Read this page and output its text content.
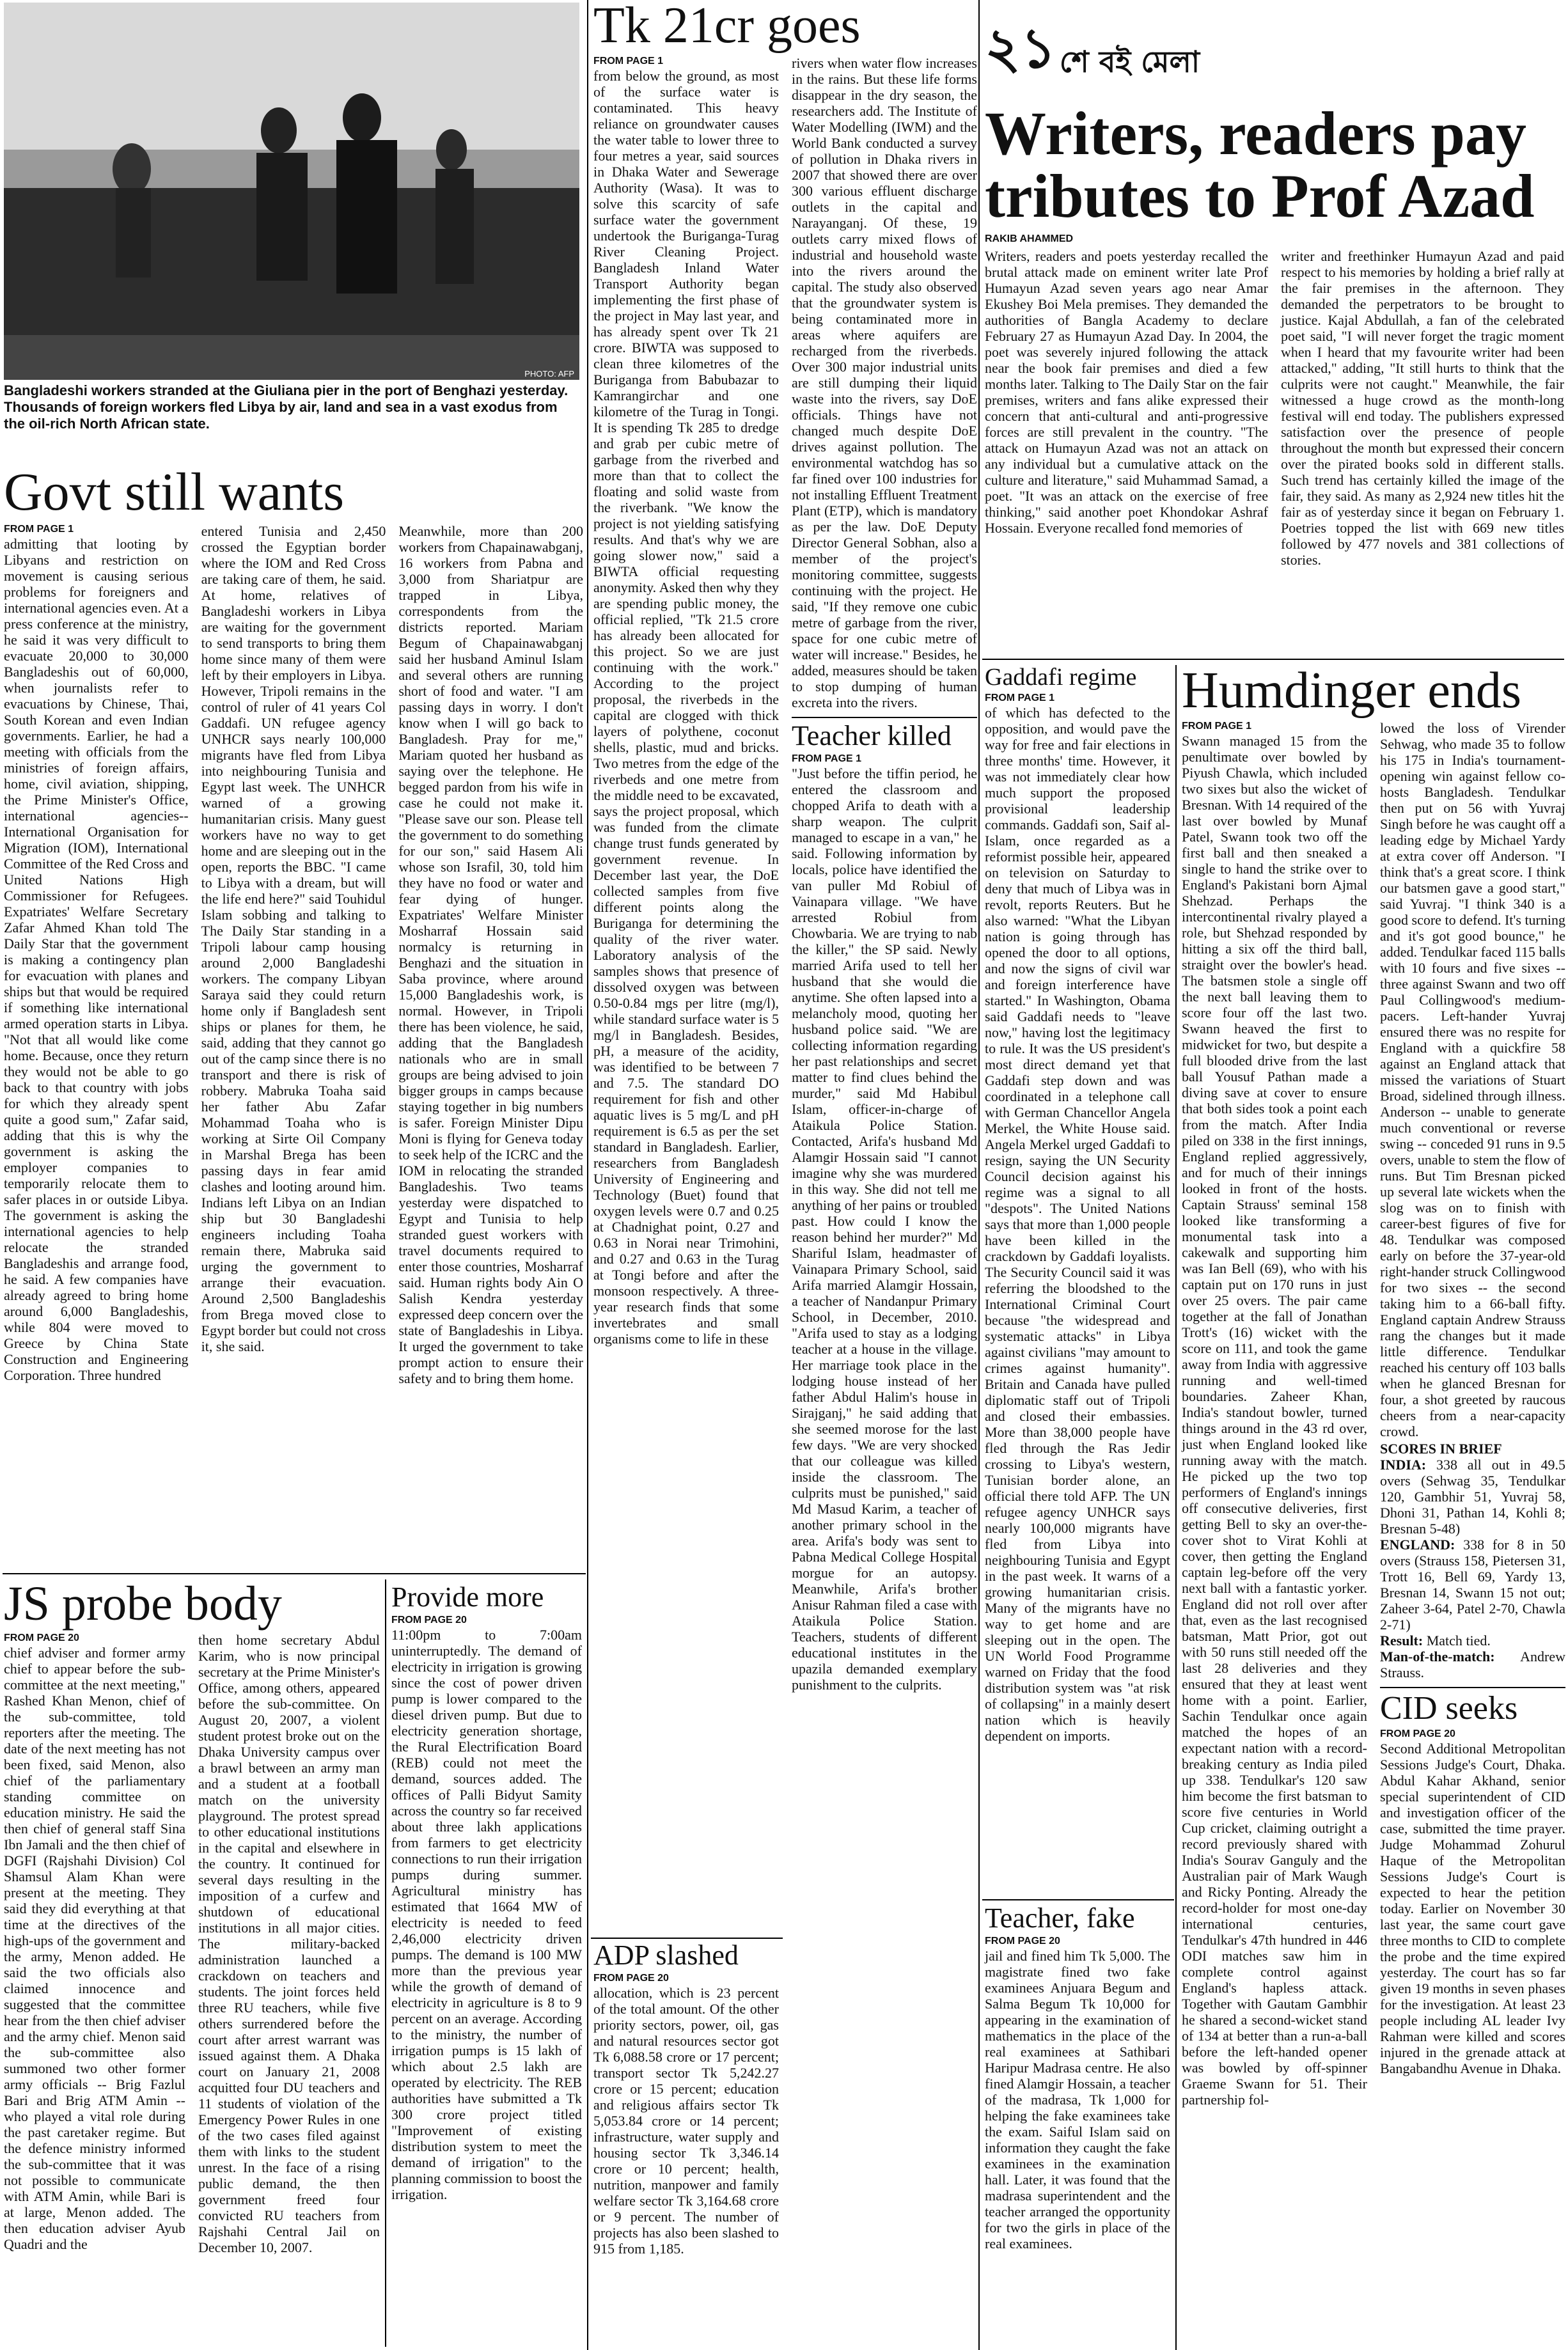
PHOTO: AFP
Bangladeshi workers stranded at the Giuliana pier in the port of Benghazi yesterday. Thousands of foreign workers fled Libya by air, land and sea in a vast exodus from the oil-rich North African state.
Govt still wants
FROM PAGE 1
admitting that looting by Libyans and restriction on movement is causing serious problems for foreigners and international agencies even. At a press conference at the ministry, he said it was very difficult to evacuate 20,000 to 30,000 Bangladeshis out of 60,000, when journalists refer to evacuations by Chinese, Thai, South Korean and even Indian governments. Earlier, he had a meeting with officials from the ministries of foreign affairs, home, civil aviation, shipping, the Prime Minister's Office, international agencies--International Organisation for Migration (IOM), International Committee of the Red Cross and United Nations High Commissioner for Refugees. Expatriates' Welfare Secretary Zafar Ahmed Khan told The Daily Star that the government is making a contingency plan for evacuation with planes and ships but that would be required if something like international armed operation starts in Libya. "Not that all would like come home. Because, once they return they would not be able to go back to that country with jobs for which they already spent quite a good sum," Zafar said, adding that this is why the government is asking the employer companies to temporarily relocate them to safer places in or outside Libya. The government is asking the international agencies to help relocate the stranded Bangladeshis and arrange food, he said. A few companies have already agreed to bring home around 6,000 Bangladeshis, while 804 were moved to Greece by China State Construction and Engineering Corporation. Three hundred
entered Tunisia and 2,450 crossed the Egyptian border where the IOM and Red Cross are taking care of them, he said. At home, relatives of Bangladeshi workers in Libya are waiting for the government to send transports to bring them home since many of them were left by their employers in Libya. However, Tripoli remains in the control of ruler of 41 years Col Gaddafi. UN refugee agency UNHCR says nearly 100,000 migrants have fled from Libya into neighbouring Tunisia and Egypt last week. The UNHCR warned of a growing humanitarian crisis. Many guest workers have no way to get home and are sleeping out in the open, reports the BBC. "I came to Libya with a dream, but will the life end here?" said Touhidul Islam sobbing and talking to The Daily Star standing in a Tripoli labour camp housing around 2,000 Bangladeshi workers. The company Libyan Saraya said they could return home only if Bangladesh sent ships or planes for them, he said, adding that they cannot go out of the camp since there is no transport and there is risk of robbery. Mabruka Toaha said her father Abu Zafar Mohammad Toaha who is working at Sirte Oil Company in Marshal Brega has been passing days in fear amid clashes and looting around him. Indians left Libya on an Indian ship but 30 Bangladeshi engineers including Toaha remain there, Mabruka said urging the government to arrange their evacuation. Around 2,500 Bangladeshis from Brega moved close to Egypt border but could not cross it, she said.
Meanwhile, more than 200 workers from Chapainawabganj, 16 workers from Pabna and 3,000 from Shariatpur are trapped in Libya, correspondents from the districts reported. Mariam Begum of Chapainawabganj said her husband Aminul Islam and several others are running short of food and water. "I am passing days in worry. I don't know when I will go back to Bangladesh. Pray for me," Mariam quoted her husband as saying over the telephone. He begged pardon from his wife in case he could not make it. "Please save our son. Please tell the government to do something for our son," said Hasem Ali whose son Israfil, 30, told him they have no food or water and fear dying of hunger. Expatriates' Welfare Minister Mosharraf Hossain said normalcy is returning in Benghazi and the situation in Saba province, where around 15,000 Bangladeshis work, is normal. However, in Tripoli there has been violence, he said, adding that the Bangladesh nationals who are in small groups are being advised to join bigger groups in camps because staying together in big numbers is safer. Foreign Minister Dipu Moni is flying for Geneva today to seek help of the ICRC and the IOM in relocating the stranded Bangladeshis. Two teams yesterday were dispatched to Egypt and Tunisia to help stranded guest workers with travel documents required to enter those countries, Mosharraf said. Human rights body Ain O Salish Kendra yesterday expressed deep concern over the state of Bangladeshis in Libya. It urged the government to take prompt action to ensure their safety and to bring them home.
JS probe body
FROM PAGE 20
chief adviser and former army chief to appear before the sub-committee at the next meeting," Rashed Khan Menon, chief of the sub-committee, told reporters after the meeting. The date of the next meeting has not been fixed, said Menon, also chief of the parliamentary standing committee on education ministry. He said the then chief of general staff Sina Ibn Jamali and the then chief of DGFI (Rajshahi Division) Col Shamsul Alam Khan were present at the meeting. They said they did everything at that time at the directives of the high-ups of the government and the army, Menon added. He said the two officials also claimed innocence and suggested that the committee hear from the then chief adviser and the army chief. Menon said the sub-committee also summoned two other former army officials -- Brig Fazlul Bari and Brig ATM Amin -- who played a vital role during the past caretaker regime. But the defence ministry informed the sub-committee that it was not possible to communicate with ATM Amin, while Bari is at large, Menon added. The then education adviser Ayub Quadri and the
then home secretary Abdul Karim, who is now principal secretary at the Prime Minister's Office, among others, appeared before the sub-committee. On August 20, 2007, a violent student protest broke out on the Dhaka University campus over a brawl between an army man and a student at a football match on the university playground. The protest spread to other educational institutions in the capital and elsewhere in the country. It continued for several days resulting in the imposition of a curfew and shutdown of educational institutions in all major cities. The military-backed administration launched a crackdown on teachers and students. The joint forces held three RU teachers, while five others surrendered before the court after arrest warrant was issued against them. A Dhaka court on January 21, 2008 acquitted four DU teachers and 11 students of violation of the Emergency Power Rules in one of the two cases filed against them with links to the student unrest. In the face of a rising public demand, the then government freed four convicted RU teachers from Rajshahi Central Jail on December 10, 2007.
Provide more
FROM PAGE 20
11:00pm to 7:00am uninterruptedly. The demand of electricity in irrigation is growing since the cost of power driven pump is lower compared to the diesel driven pump. But due to electricity generation shortage, the Rural Electrification Board (REB) could not meet the demand, sources added. The offices of Palli Bidyut Samity across the country so far received about three lakh applications from farmers to get electricity connections to run their irrigation pumps during summer. Agricultural ministry has estimated that 1664 MW of electricity is needed to feed 2,46,000 electricity driven pumps. The demand is 100 MW more than the previous year while the growth of demand of electricity in agriculture is 8 to 9 percent on an average. According to the ministry, the number of irrigation pumps is 15 lakh of which about 2.5 lakh are operated by electricity. The REB authorities have submitted a Tk 300 crore project titled "Improvement of existing distribution system to meet the demand of irrigation" to the planning commission to boost the irrigation.
Tk 21cr goes
FROM PAGE 1
from below the ground, as most of the surface water is contaminated. This heavy reliance on groundwater causes the water table to lower three to four metres a year, said sources in Dhaka Water and Sewerage Authority (Wasa). It was to solve this scarcity of safe surface water the government undertook the Buriganga-Turag River Cleaning Project. Bangladesh Inland Water Transport Authority began implementing the first phase of the project in May last year, and has already spent over Tk 21 crore. BIWTA was supposed to clean three kilometres of the Buriganga from Babubazar to Kamrangirchar and one kilometre of the Turag in Tongi. It is spending Tk 285 to dredge and grab per cubic metre of garbage from the riverbed and more than that to collect the floating and solid waste from the riverbank. "We know the project is not yielding satisfying results. And that's why we are going slower now," said a BIWTA official requesting anonymity. Asked then why they are spending public money, the official replied, "Tk 21.5 crore has already been allocated for this project. So we are just continuing with the work." According to the project proposal, the riverbeds in the capital are clogged with thick layers of polythene, coconut shells, plastic, mud and bricks. Two metres from the edge of the riverbeds and one metre from the middle need to be excavated, says the project proposal, which was funded from the climate change trust funds generated by government revenue. In December last year, the DoE collected samples from five different points along the Buriganga for determining the quality of the river water. Laboratory analysis of the samples shows that presence of dissolved oxygen was between 0.50-0.84 mgs per litre (mg/l), while standard surface water is 5 mg/l in Bangladesh. Besides, pH, a measure of the acidity, was identified to be between 7 and 7.5. The standard DO requirement for fish and other aquatic lives is 5 mg/L and pH requirement is 6.5 as per the set standard in Bangladesh. Earlier, researchers from Bangladesh University of Engineering and Technology (Buet) found that oxygen levels were 0.7 and 0.25 at Chadnighat point, 0.27 and 0.63 in Norai near Trimohini, and 0.27 and 0.63 in the Turag at Tongi before and after the monsoon respectively. A three-year research finds that some invertebrates and small organisms come to life in these
rivers when water flow increases in the rains. But these life forms disappear in the dry season, the researchers add. The Institute of Water Modelling (IWM) and the World Bank conducted a survey of pollution in Dhaka rivers in 2007 that showed there are over 300 various effluent discharge outlets in the capital and Narayanganj. Of these, 19 outlets carry mixed flows of industrial and household waste into the rivers around the capital. The study also observed that the groundwater system is being contaminated more in areas where aquifers are recharged from the riverbeds. Over 300 major industrial units are still dumping their liquid waste into the rivers, say DoE officials. Things have not changed much despite DoE drives against pollution. The environmental watchdog has so far fined over 100 industries for not installing Effluent Treatment Plant (ETP), which is mandatory as per the law. DoE Deputy Director General Sobhan, also a member of the project's monitoring committee, suggests continuing with the project. He said, "If they remove one cubic metre of garbage from the river, space for one cubic metre of water will increase." Besides, he added, measures should be taken to stop dumping of human excreta into the rivers.
Teacher killed
FROM PAGE 1
"Just before the tiffin period, he entered the classroom and chopped Arifa to death with a sharp weapon. The culprit managed to escape in a van," he said. Following information by locals, police have identified the van puller Md Robiul of Vainapara village. "We have arrested Robiul from Chowbaria. We are trying to nab the killer," the SP said. Newly married Arifa used to tell her husband that she would die anytime. She often lapsed into a melancholy mood, quoting her husband police said. "We are collecting information regarding her past relationships and secret matter to find clues behind the murder," said Md Habibul Islam, officer-in-charge of Ataikula Police Station. Contacted, Arifa's husband Md Alamgir Hossain said "I cannot imagine why she was murdered in this way. She did not tell me anything of her pains or troubled past. How could I know the reason behind her murder?" Md Shariful Islam, headmaster of Vainapara Primary School, said Arifa married Alamgir Hossain, a teacher of Nandanpur Primary School, in December, 2010. "Arifa used to stay as a lodging teacher at a house in the village. Her marriage took place in the lodging house instead of her father Abdul Halim's house in Sirajganj," he said adding that she seemed morose for the last few days. "We are very shocked that our colleague was killed inside the classroom. The culprits must be punished," said Md Masud Karim, a teacher of another primary school in the area. Arifa's body was sent to Pabna Medical College Hospital morgue for an autopsy. Meanwhile, Arifa's brother Anisur Rahman filed a case with Ataikula Police Station. Teachers, students of different educational institutes in the upazila demanded exemplary punishment to the culprits.
ADP slashed
FROM PAGE 20
allocation, which is 23 percent of the total amount. Of the other priority sectors, power, oil, gas and natural resources sector got Tk 6,088.58 crore or 17 percent; transport sector Tk 5,242.27 crore or 15 percent; education and religious affairs sector Tk 5,053.84 crore or 14 percent; infrastructure, water supply and housing sector Tk 3,346.14 crore or 10 percent; health, nutrition, manpower and family welfare sector Tk 3,164.68 crore or 9 percent. The number of projects has also been slashed to 915 from 1,185.
২১ শে বই মেলা
Writers, readers pay tributes to Prof Azad
RAKIB AHAMMED
Writers, readers and poets yesterday recalled the brutal attack made on eminent writer late Prof Humayun Azad seven years ago near Amar Ekushey Boi Mela premises. They demanded the authorities of Bangla Academy to declare February 27 as Humayun Azad Day. In 2004, the poet was severely injured following the attack near the book fair premises and died a few months later. Talking to The Daily Star on the fair premises, writers and fans alike expressed their concern that anti-cultural and anti-progressive forces are still prevalent in the country. "The attack on Humayun Azad was not an attack on any individual but a cumulative attack on the culture and literature," said Muhammad Samad, a poet. "It was an attack on the exercise of free thinking," said another poet Khondokar Ashraf Hossain. Everyone recalled fond memories of
writer and freethinker Humayun Azad and paid respect to his memories by holding a brief rally at the fair premises in the afternoon. They demanded the perpetrators to be brought to justice. Kajal Abdullah, a fan of the celebrated poet said, "I will never forget the tragic moment when I heard that my favourite writer had been attacked," adding, "It still hurts to think that the culprits were not caught." Meanwhile, the fair witnessed a huge crowd as the month-long festival will end today. The publishers expressed satisfaction over the presence of people throughout the month but expressed their concern over the pirated books sold in different stalls. Such trend has certainly killed the image of the fair, they said. As many as 2,924 new titles hit the fair as of yesterday since it began on February 1. Poetries topped the list with 669 new titles followed by 477 novels and 381 collections of stories.
Gaddafi regime
FROM PAGE 1
of which has defected to the opposition, and would pave the way for free and fair elections in three months' time. However, it was not immediately clear how much support the proposed provisional leadership commands. Gaddafi son, Saif al-Islam, once regarded as a reformist possible heir, appeared on television on Saturday to deny that much of Libya was in revolt, reports Reuters. But he also warned: "What the Libyan nation is going through has opened the door to all options, and now the signs of civil war and foreign interference have started." In Washington, Obama said Gaddafi needs to "leave now," having lost the legitimacy to rule. It was the US president's most direct demand yet that Gaddafi step down and was coordinated in a telephone call with German Chancellor Angela Merkel, the White House said. Angela Merkel urged Gaddafi to resign, saying the UN Security Council decision against his regime was a signal to all "despots". The United Nations says that more than 1,000 people have been killed in the crackdown by Gaddafi loyalists. The Security Council said it was referring the bloodshed to the International Criminal Court because "the widespread and systematic attacks" in Libya against civilians "may amount to crimes against humanity". Britain and Canada have pulled diplomatic staff out of Tripoli and closed their embassies. More than 38,000 people have fled through the Ras Jedir crossing to Libya's western, Tunisian border alone, an official there told AFP. The UN refugee agency UNHCR says nearly 100,000 migrants have fled from Libya into neighbouring Tunisia and Egypt in the past week. It warns of a growing humanitarian crisis. Many of the migrants have no way to get home and are sleeping out in the open. The UN World Food Programme warned on Friday that the food distribution system was "at risk of collapsing" in a mainly desert nation which is heavily dependent on imports.
Teacher, fake
FROM PAGE 20
jail and fined him Tk 5,000. The magistrate fined two fake examinees Anjuara Begum and Salma Begum Tk 10,000 for appearing in the examination of mathematics in the place of the real examinees at Sathibari Haripur Madrasa centre. He also fined Alamgir Hossain, a teacher of the madrasa, Tk 1,000 for helping the fake examinees take the exam. Saiful Islam said on information they caught the fake examinees in the examination hall. Later, it was found that the madrasa superintendent and the teacher arranged the opportunity for two the girls in place of the real examinees.
Humdinger ends
FROM PAGE 1
Swann managed 15 from the penultimate over bowled by Piyush Chawla, which included two sixes but also the wicket of Bresnan. With 14 required of the last over bowled by Munaf Patel, Swann took two off the first ball and then sneaked a single to hand the strike over to England's Pakistani born Ajmal Shehzad. Perhaps the intercontinental rivalry played a role, but Shehzad responded by hitting a six off the third ball, straight over the bowler's head. The batsmen stole a single off the next ball leaving them to score four off the last two. Swann heaved the first to midwicket for two, but despite a full blooded drive from the last ball Yousuf Pathan made a diving save at cover to ensure that both sides took a point each from the match. After India piled on 338 in the first innings, England replied aggressively, and for much of their innings looked in front of the hosts. Captain Strauss' seminal 158 looked like transforming a monumental task into a cakewalk and supporting him was Ian Bell (69), who with his captain put on 170 runs in just over 25 overs. The pair came together at the fall of Jonathan Trott's (16) wicket with the score on 111, and took the game away from India with aggressive running and well-timed boundaries. Zaheer Khan, India's standout bowler, turned things around in the 43 rd over, just when England looked like running away with the match. He picked up the two top performers of England's innings off consecutive deliveries, first getting Bell to sky an over-the-cover shot to Virat Kohli at cover, then getting the England captain leg-before off the very next ball with a fantastic yorker. England did not roll over after that, even as the last recognised batsman, Matt Prior, got out with 50 runs still needed off the last 28 deliveries and they ensured that they at least went home with a point. Earlier, Sachin Tendulkar once again matched the hopes of an expectant nation with a record-breaking century as India piled up 338. Tendulkar's 120 saw him become the first batsman to score five centuries in World Cup cricket, claiming outright a record previously shared with India's Sourav Ganguly and the Australian pair of Mark Waugh and Ricky Ponting. Already the record-holder for most one-day international centuries, Tendulkar's 47th hundred in 446 ODI matches saw him in complete control against England's hapless attack. Together with Gautam Gambhir he shared a second-wicket stand of 134 at better than a run-a-ball before the left-handed opener was bowled by off-spinner Graeme Swann for 51. Their partnership fol-
lowed the loss of Virender Sehwag, who made 35 to follow his 175 in India's tournament-opening win against fellow co-hosts Bangladesh. Tendulkar then put on 56 with Yuvraj Singh before he was caught off a leading edge by Michael Yardy at extra cover off Anderson. "I think that's a great score. I think our batsmen gave a good start," said Yuvraj. "I think 340 is a good score to defend. It's turning and it's got good bounce," he added. Tendulkar faced 115 balls with 10 fours and five sixes -- three against Swann and two off Paul Collingwood's medium-pacers. Left-hander Yuvraj ensured there was no respite for England with a quickfire 58 against an England attack that missed the variations of Stuart Broad, sidelined through illness. Anderson -- unable to generate much conventional or reverse swing -- conceded 91 runs in 9.5 overs, unable to stem the flow of runs. But Tim Bresnan picked up several late wickets when the slog was on to finish with career-best figures of five for 48. Tendulkar was composed early on before the 37-year-old right-hander struck Collingwood for two sixes -- the second taking him to a 66-ball fifty. England captain Andrew Strauss rang the changes but it made little difference. Tendulkar reached his century off 103 balls when he glanced Bresnan for four, a shot greeted by raucous cheers from a near-capacity crowd.
SCORES IN BRIEF
INDIA: 338 all out in 49.5 overs (Sehwag 35, Tendulkar 120, Gambhir 51, Yuvraj 58, Dhoni 31, Pathan 14, Kohli 8; Bresnan 5-48)
ENGLAND: 338 for 8 in 50 overs (Strauss 158, Pietersen 31, Trott 16, Bell 69, Yardy 13, Bresnan 14, Swann 15 not out; Zaheer 3-64, Patel 2-70, Chawla 2-71)
Result: Match tied.
Man-of-the-match: Andrew Strauss.
CID seeks
FROM PAGE 20
Second Additional Metropolitan Sessions Judge's Court, Dhaka. Abdul Kahar Akhand, senior special superintendent of CID and investigation officer of the case, submitted the time prayer. Judge Mohammad Zohurul Haque of the Metropolitan Sessions Judge's Court is expected to hear the petition today. Earlier on November 30 last year, the same court gave three months to CID to complete the probe and the time expired yesterday. The court has so far given 19 months in seven phases for the investigation. At least 23 people including AL leader Ivy Rahman were killed and scores injured in the grenade attack at Bangabandhu Avenue in Dhaka.
